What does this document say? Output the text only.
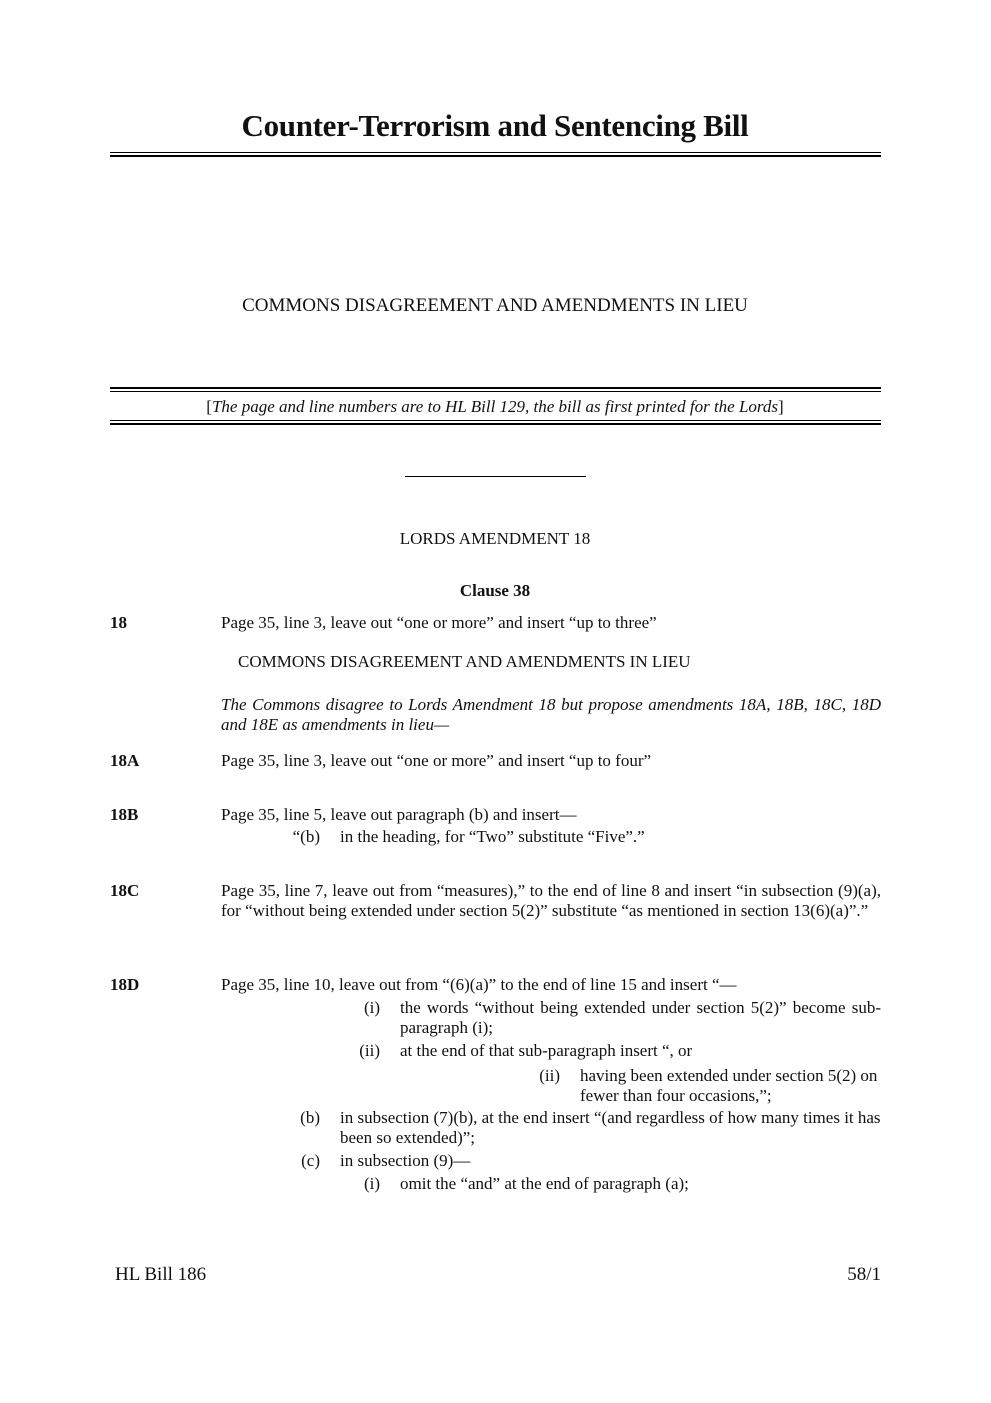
Counter-Terrorism and Sentencing Bill
COMMONS DISAGREEMENT AND AMENDMENTS IN LIEU
[The page and line numbers are to HL Bill 129, the bill as first printed for the Lords]
LORDS AMENDMENT 18
Clause 38
18	Page 35, line 3, leave out “one or more” and insert “up to three”
COMMONS DISAGREEMENT AND AMENDMENTS IN LIEU
The Commons disagree to Lords Amendment 18 but propose amendments 18A, 18B, 18C, 18D and 18E as amendments in lieu—
18A	Page 35, line 3, leave out “one or more” and insert “up to four”
18B	Page 35, line 5, leave out paragraph (b) and insert—
“(b) in the heading, for “Two” substitute “Five”.”
18C	Page 35, line 7, leave out from “measures),” to the end of line 8 and insert “in subsection (9)(a), for “without being extended under section 5(2)” substitute “as mentioned in section 13(6)(a)”.”
18D	Page 35, line 10, leave out from “(6)(a)” to the end of line 15 and insert “—
(i) the words “without being extended under section 5(2)” become sub-paragraph (i);
(ii) at the end of that sub-paragraph insert “, or
(ii) having been extended under section 5(2) on fewer than four occasions,”;
(b) in subsection (7)(b), at the end insert “(and regardless of how many times it has been so extended)”;
(c) in subsection (9)—
(i) omit the “and” at the end of paragraph (a);
HL Bill 186	58/1
